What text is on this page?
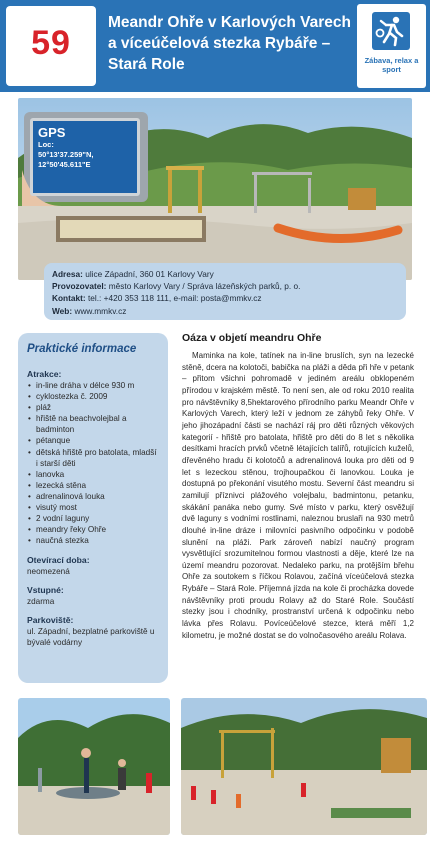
59
Meandr Ohře v Karlových Varech a víceúčelová stezka Rybáře – Stará Role	Zábava, relax a sport
GPS
Loc:
50°13'37.259"N,
12°50'45.611"E
Adresa: ulice Západní, 360 01 Karlovy Vary
Provozovatel: město Karlovy Vary / Správa lázeňských parků, p. o.
Kontakt: tel.: +420 353 118 111, e-mail: posta@mmkv.cz
Web: www.mmkv.cz
Praktické informace
Atrakce:
• in-line dráha v délce 930 m
• cyklostezka č. 2009
• pláž
• hřiště na beachvolejbal a badminton
• pétanque
• dětská hřiště pro batolata, mladší i starší děti
• lanovka
• lezecká stěna
• adrenalinová louka
• visutý most
• 2 vodní laguny
• meandry řeky Ohře
• naučná stezka
Otevírací doba:
neomezená
Vstupné:
zdarma
Parkoviště:
ul. Západní, bezplatné parkoviště u bývalé vodárny
Oáza v objetí meandru Ohře
Maminka na kole, tatínek na in-line bruslích, syn na lezecké stěně, dcera na kolotoči, babička na pláži a děda při hře v petank – přitom všichni pohromadě v jediném areálu obklopeném přírodou v krajském městě. To není sen, ale od roku 2010 realita pro návštěvníky 8,5hektarového přírodního parku Meandr Ohře v Karlových Varech, který leží v jednom ze záhybů řeky Ohře. V jeho jihozápadní části se nachází ráj pro děti různých věkových kategorií - hřiště pro batolata, hřiště pro děti do 8 let s několika desítkami hracích prvků včetně létajících talířů, rotujících kuželů, dřevěného hradu či kolotočů a adrenalinová louka pro děti od 9 let s lezeckou stěnou, trojhoupačkou či lanovkou. Louka je dostupná po překonání visutého mostu. Severní část meandru si zamilují příznivci plážového volejbalu, badmintonu, petanku, skákání panáka nebo gumy. Své místo v parku, který osvěžují dvě laguny s vodními rostlinami, naleznou bruslaři na 930 metrů dlouhé in-line dráze i milovníci pasivního odpočinku v podobě slunění na pláži. Park zároveň nabízí naučný program vysvětlující srozumitelnou formou vlastnosti a děje, které lze na území meandru pozorovat. Nedaleko parku, na protějším břehu Ohře za soutokem s říčkou Rolavou, začíná víceúčelová stezka Rybáře – Stará Role. Příjemná jízda na kole či procházka dovede návštěvníky proti proudu Rolavy až do Staré Role. Součástí stezky jsou i chodníky, prostranství určená k odpočinku nebo lávka přes Rolavu. Povíceúčelové stezce, která měří 1,2 kilometru, je možné dostat se do volnočasového areálu Rolava.
